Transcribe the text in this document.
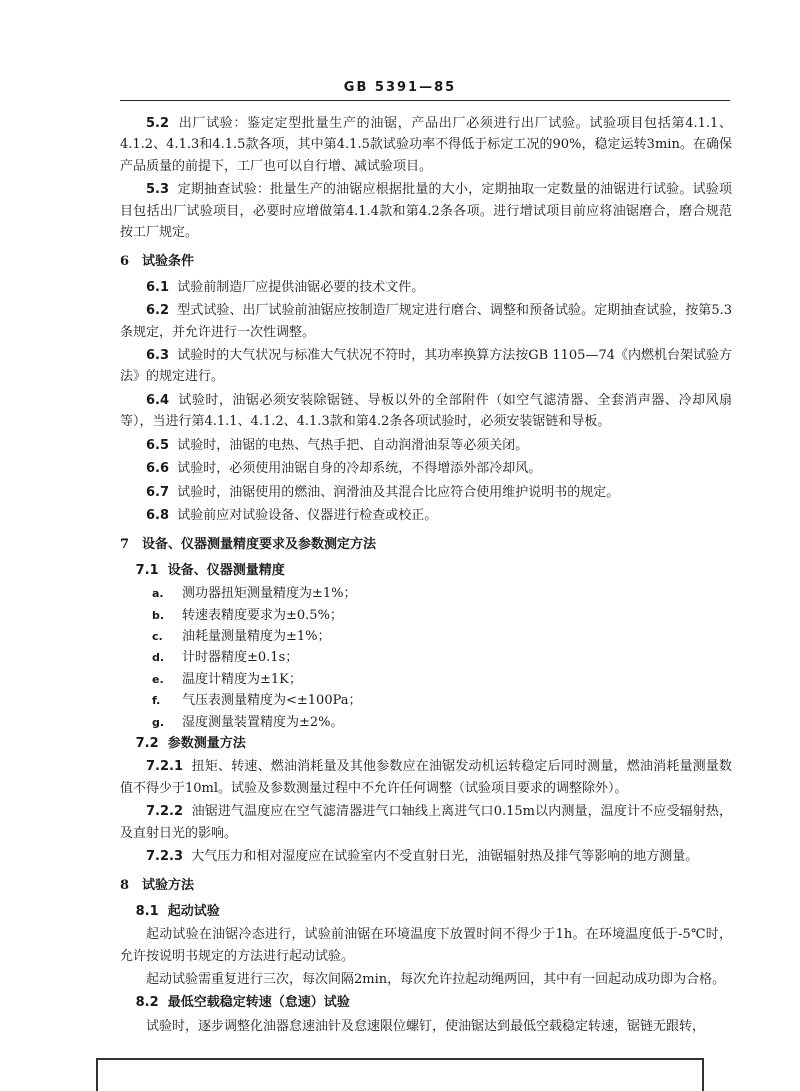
GB 5391—85

5.2 出厂试验：鉴定定型批量生产的油锯，产品出厂必须进行出厂试验。试验项目包括第4.1.1、4.1.2、4.1.3和4.1.5款各项，其中第4.1.5款试验功率不得低于标定工况的90%，稳定运转3min。在确保产品质量的前提下，工厂也可以自行增、减试验项目。

5.3 定期抽查试验：批量生产的油锯应根据批量的大小，定期抽取一定数量的油锯进行试验。试验项目包括出厂试验项目，必要时应增做第4.1.4款和第4.2条各项。进行增试项目前应将油锯磨合，磨合规范按工厂规定。

6 试验条件

6.1 试验前制造厂应提供油锯必要的技术文件。

6.2 型式试验、出厂试验前油锯应按制造厂规定进行磨合、调整和预备试验。定期抽查试验，按第5.3条规定，并允许进行一次性调整。

6.3 试验时的大气状况与标准大气状况不符时，其功率换算方法按GB 1105—74《内燃机台架试验方法》的规定进行。

6.4 试验时，油锯必须安装除锯链、导板以外的全部附件（如空气滤清器、全套消声器、冷却风扇等），当进行第4.1.1、4.1.2、4.1.3款和第4.2条各项试验时，必须安装锯链和导板。

6.5 试验时，油锯的电热、气热手把、自动润滑油泵等必须关闭。

6.6 试验时，必须使用油锯自身的冷却系统，不得增添外部冷却风。

6.7 试验时，油锯使用的燃油、润滑油及其混合比应符合使用维护说明书的规定。

6.8 试验前应对试验设备、仪器进行检查或校正。

7 设备、仪器测量精度要求及参数测定方法

7.1 设备、仪器测量精度

a. 测功器扭矩测量精度为±1%；

b. 转速表精度要求为±0.5%；

c. 油耗量测量精度为±1%；

d. 计时器精度±0.1s；

e. 温度计精度为±1K；

f. 气压表测量精度为<±100Pa；

g. 湿度测量装置精度为±2%。

7.2 参数测量方法

7.2.1 扭矩、转速、燃油消耗量及其他参数应在油锯发动机运转稳定后同时测量，燃油消耗量测量数值不得少于10ml。试验及参数测量过程中不允许任何调整（试验项目要求的调整除外）。

7.2.2 油锯进气温度应在空气滤清器进气口轴线上离进气口0.15m以内测量，温度计不应受辐射热，及直射日光的影响。

7.2.3 大气压力和相对湿度应在试验室内不受直射日光，油锯辐射热及排气等影响的地方测量。

8 试验方法

8.1 起动试验

起动试验在油锯冷态进行，试验前油锯在环境温度下放置时间不得少于1h。在环境温度低于-5℃时，允许按说明书规定的方法进行起动试验。

起动试验需重复进行三次，每次间隔2min，每次允许拉起动绳两回，其中有一回起动成功即为合格。

8.2 最低空载稳定转速（怠速）试验

试验时，逐步调整化油器怠速油针及怠速限位螺钉，使油锯达到最低空载稳定转速，锯链无跟转，
